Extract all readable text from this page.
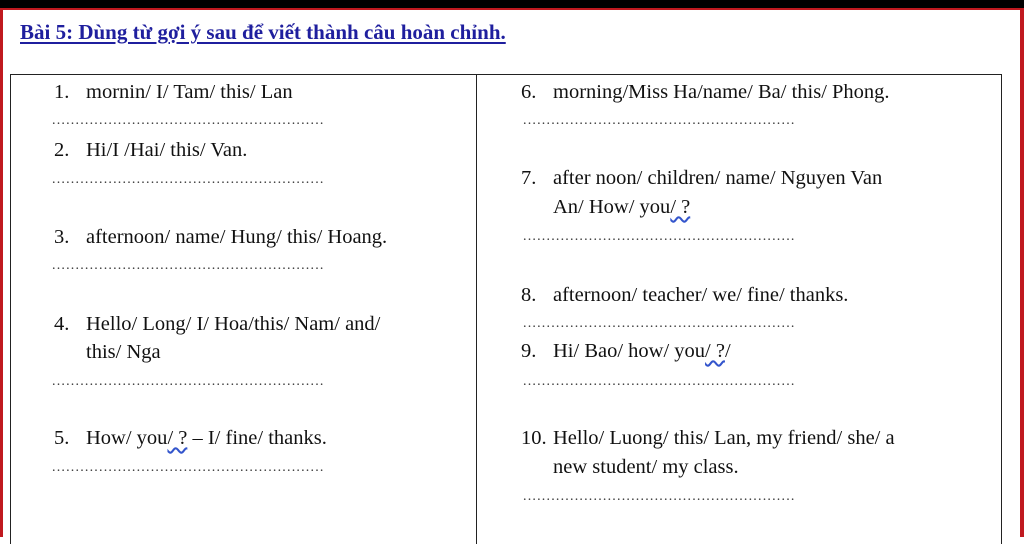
Bài 5: Dùng từ gợi ý sau để viết thành câu hoàn chỉnh.
1. mornin/ I/ Tam/ this/ Lan
..........................................................
2. Hi/I /Hai/ this/ Van.
..........................................................
3. afternoon/ name/ Hung/ this/ Hoang.
..........................................................
4. Hello/ Long/ I/ Hoa/this/ Nam/ and/
this/ Nga
..........................................................
5. How/ you/ ? – I/ fine/ thanks.
..........................................................
6. morning/Miss Ha/name/ Ba/ this/ Phong.
..........................................................
7. after noon/ children/ name/ Nguyen Van
An/ How/ you/ ?
..........................................................
8. afternoon/ teacher/ we/ fine/ thanks.
..........................................................
9. Hi/ Bao/ how/ you/ ?/
..........................................................
10. Hello/ Luong/ this/ Lan, my friend/ she/ a
new student/ my class.
..........................................................
